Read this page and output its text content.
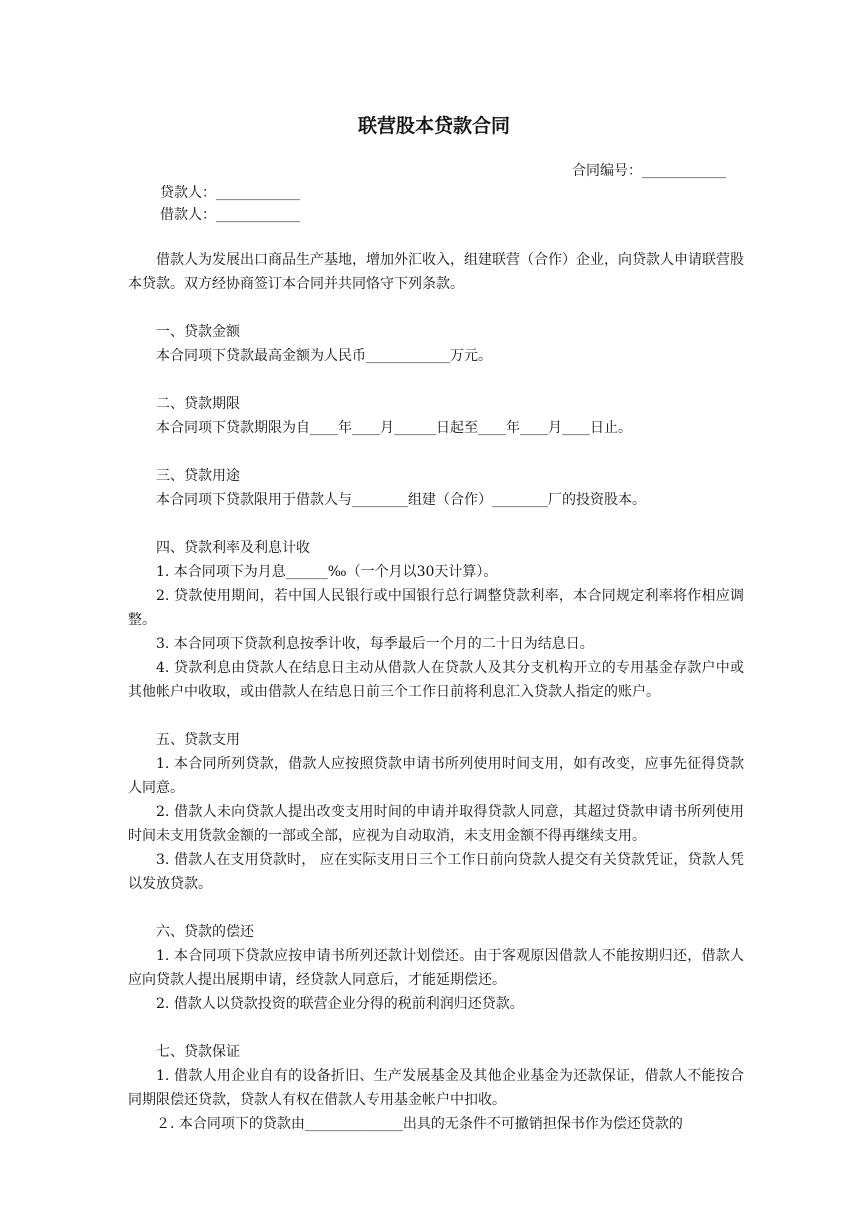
联营股本贷款合同
合同编号：____________
贷款人：____________
借款人：____________

借款人为发展出口商品生产基地，增加外汇收入，组建联营（合作）企业，向贷款人申请联营股本贷款。双方经协商签订本合同并共同恪守下列条款。

一、贷款金额

本合同项下贷款最高金额为人民币____________万元。

二、贷款期限

本合同项下贷款期限为自____年____月______日起至____年____月____日止。

三、贷款用途

本合同项下贷款限用于借款人与________组建（合作）________厂的投资股本。

四、贷款利率及利息计收

1. 本合同项下为月息______‰（一个月以30天计算）。

2. 贷款使用期间，若中国人民银行或中国银行总行调整贷款利率，本合同规定利率将作相应调整。

3. 本合同项下贷款利息按季计收，每季最后一个月的二十日为结息日。

4. 贷款利息由贷款人在结息日主动从借款人在贷款人及其分支机构开立的专用基金存款户中或其他帐户中收取，或由借款人在结息日前三个工作日前将利息汇入贷款人指定的账户。

五、贷款支用

1. 本合同所列贷款，借款人应按照贷款申请书所列使用时间支用，如有改变，应事先征得贷款人同意。

2. 借款人未向贷款人提出改变支用时间的申请并取得贷款人同意，其超过贷款申请书所列使用时间未支用货款金额的一部或全部，应视为自动取消，未支用金额不得再继续支用。

3. 借款人在支用贷款时， 应在实际支用日三个工作日前向贷款人提交有关贷款凭证，贷款人凭以发放贷款。

六、贷款的偿还

1. 本合同项下贷款应按申请书所列还款计划偿还。由于客观原因借款人不能按期归还，借款人应向贷款人提出展期申请，经贷款人同意后，才能延期偿还。

2. 借款人以贷款投资的联营企业分得的税前利润归还贷款。

七、贷款保证

1. 借款人用企业自有的设备折旧、生产发展基金及其他企业基金为还款保证，借款人不能按合同期限偿还贷款，贷款人有权在借款人专用基金帐户中扣收。

２. 本合同项下的贷款由______________出具的无条件不可撤销担保书作为偿还贷款的
